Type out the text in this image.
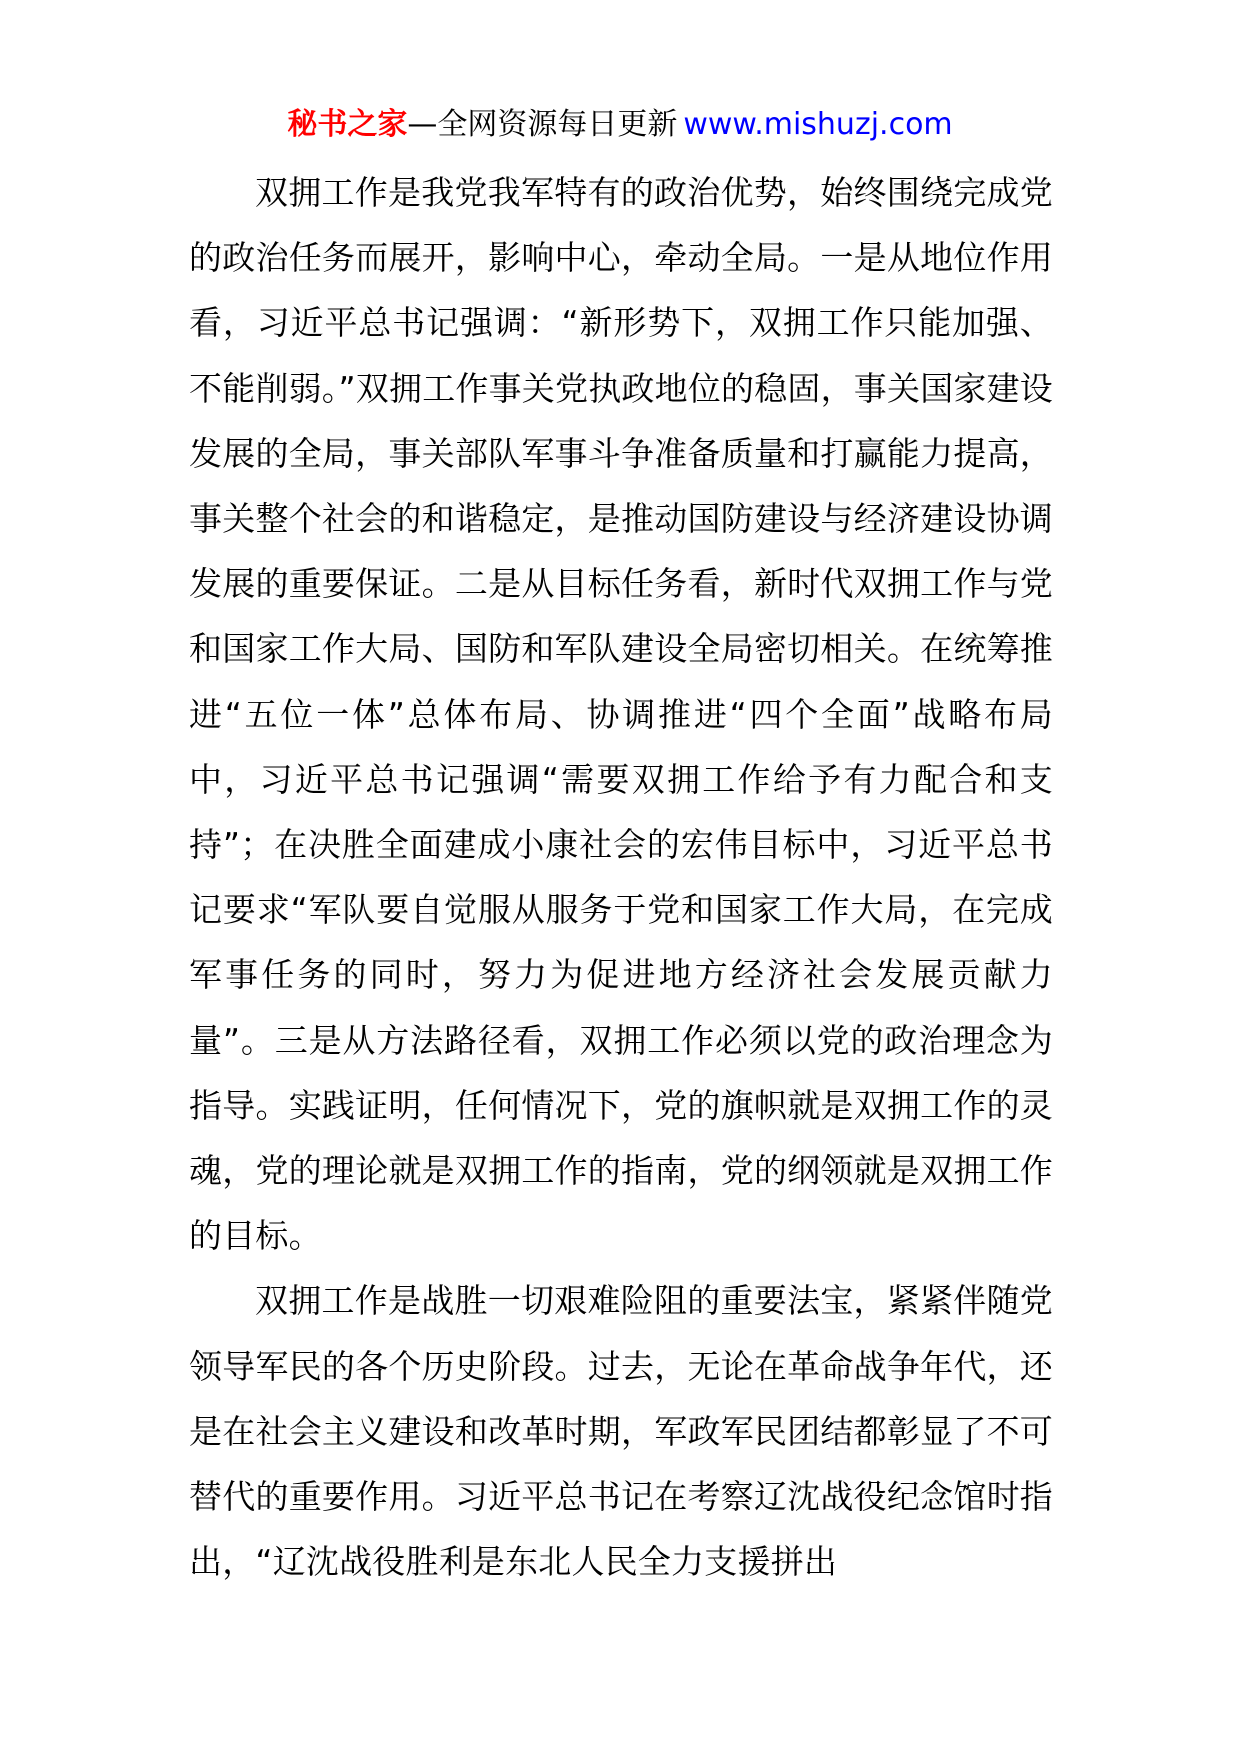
秘书之家—全网资源每日更新 www.mishuzj.com

双拥工作是我党我军特有的政治优势，始终围绕完成党的政治任务而展开，影响中心，牵动全局。一是从地位作用看，习近平总书记强调：“新形势下，双拥工作只能加强、不能削弱。”双拥工作事关党执政地位的稳固，事关国家建设发展的全局，事关部队军事斗争准备质量和打赢能力提高，事关整个社会的和谐稳定，是推动国防建设与经济建设协调发展的重要保证。二是从目标任务看，新时代双拥工作与党和国家工作大局、国防和军队建设全局密切相关。在统筹推进“五位一体”总体布局、协调推进“四个全面”战略布局中，习近平总书记强调“需要双拥工作给予有力配合和支持”；在决胜全面建成小康社会的宏伟目标中，习近平总书记要求“军队要自觉服从服务于党和国家工作大局，在完成军事任务的同时，努力为促进地方经济社会发展贡献力量”。三是从方法路径看，双拥工作必须以党的政治理念为指导。实践证明，任何情况下，党的旗帜就是双拥工作的灵魂，党的理论就是双拥工作的指南，党的纲领就是双拥工作的目标。

双拥工作是战胜一切艰难险阻的重要法宝，紧紧伴随党领导军民的各个历史阶段。过去，无论在革命战争年代，还是在社会主义建设和改革时期，军政军民团结都彰显了不可替代的重要作用。习近平总书记在考察辽沈战役纪念馆时指出，“辽沈战役胜利是东北人民全力支援拼出
